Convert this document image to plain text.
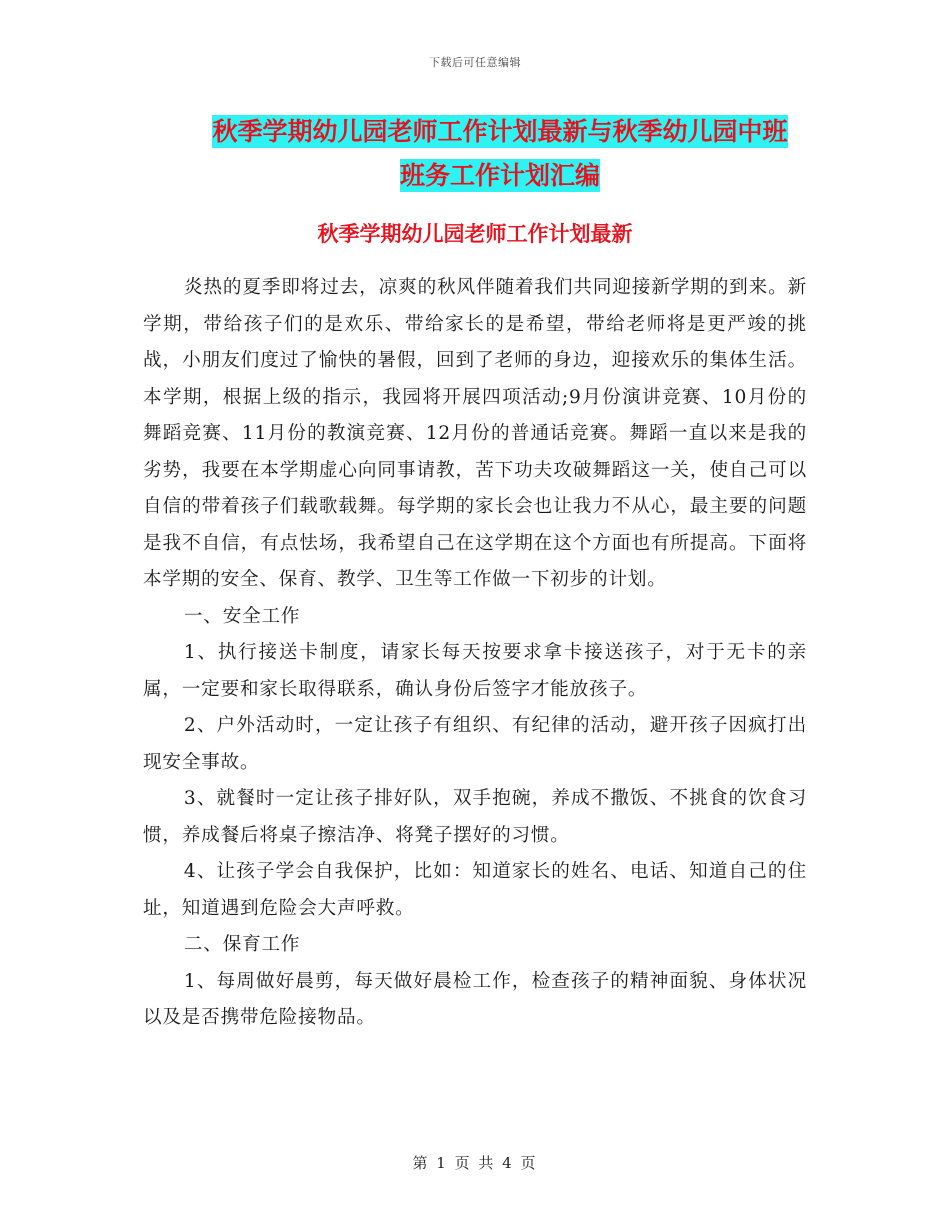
下载后可任意编辑
秋季学期幼儿园老师工作计划最新与秋季幼儿园中班
班务工作计划汇编
秋季学期幼儿园老师工作计划最新

炎热的夏季即将过去，凉爽的秋风伴随着我们共同迎接新学期的到来。新学期，带给孩子们的是欢乐、带给家长的是希望，带给老师将是更严竣的挑战，小朋友们度过了愉快的暑假，回到了老师的身边，迎接欢乐的集体生活。本学期，根据上级的指示，我园将开展四项活动;9月份演讲竞赛、10月份的舞蹈竞赛、11月份的教演竞赛、12月份的普通话竞赛。舞蹈一直以来是我的劣势，我要在本学期虚心向同事请教，苦下功夫攻破舞蹈这一关，使自己可以自信的带着孩子们载歌载舞。每学期的家长会也让我力不从心，最主要的问题是我不自信，有点怯场，我希望自己在这学期在这个方面也有所提高。下面将本学期的安全、保育、教学、卫生等工作做一下初步的计划。

一、安全工作

1、执行接送卡制度，请家长每天按要求拿卡接送孩子，对于无卡的亲属，一定要和家长取得联系，确认身份后签字才能放孩子。

2、户外活动时，一定让孩子有组织、有纪律的活动，避开孩子因疯打出现安全事故。

3、就餐时一定让孩子排好队，双手抱碗，养成不撒饭、不挑食的饮食习惯，养成餐后将桌子擦洁净、将凳子摆好的习惯。

4、让孩子学会自我保护，比如：知道家长的姓名、电话、知道自己的住址，知道遇到危险会大声呼救。

二、保育工作

1、每周做好晨剪，每天做好晨检工作，检查孩子的精神面貌、身体状况以及是否携带危险接物品。

第 1 页 共 4 页
